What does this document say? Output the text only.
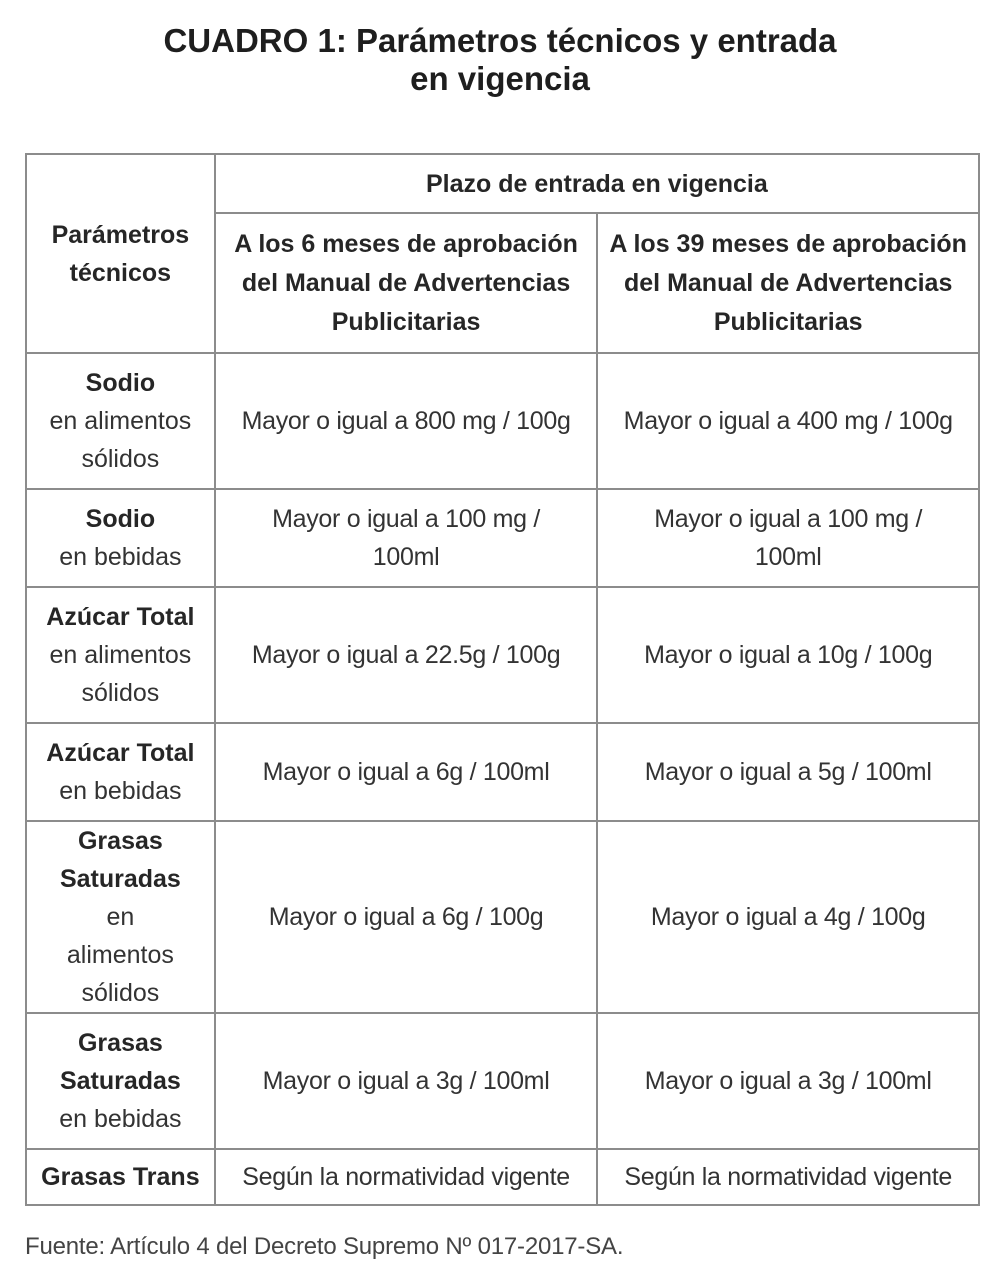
CUADRO 1: Parámetros técnicos y entrada
en vigencia
Parámetros técnicos	Plazo de entrada en vigencia	
	A los 6 meses de aprobación del Manual de Advertencias Publicitarias	A los 39 meses de aprobación del Manual de Advertencias Publicitarias

Sodio
en alimentos sólidos	Mayor o igual a 800 mg / 100g	Mayor o igual a 400 mg / 100g

Sodio
en bebidas	Mayor o igual a 100 mg / 100ml	Mayor o igual a 100 mg / 100ml

Azúcar Total
en alimentos sólidos	Mayor o igual a 22.5g / 100g	Mayor o igual a 10g / 100g

Azúcar Total
en bebidas	Mayor o igual a 6g / 100ml	Mayor o igual a 5g / 100ml

Grasas Saturadas
en alimentos sólidos	Mayor o igual a 6g / 100g	Mayor o igual a 4g / 100g

Grasas Saturadas
en bebidas	Mayor o igual a 3g / 100ml	Mayor o igual a 3g / 100ml

Grasas Trans	Según la normatividad vigente	Según la normatividad vigente
Fuente: Artículo 4 del Decreto Supremo Nº 017-2017-SA.
